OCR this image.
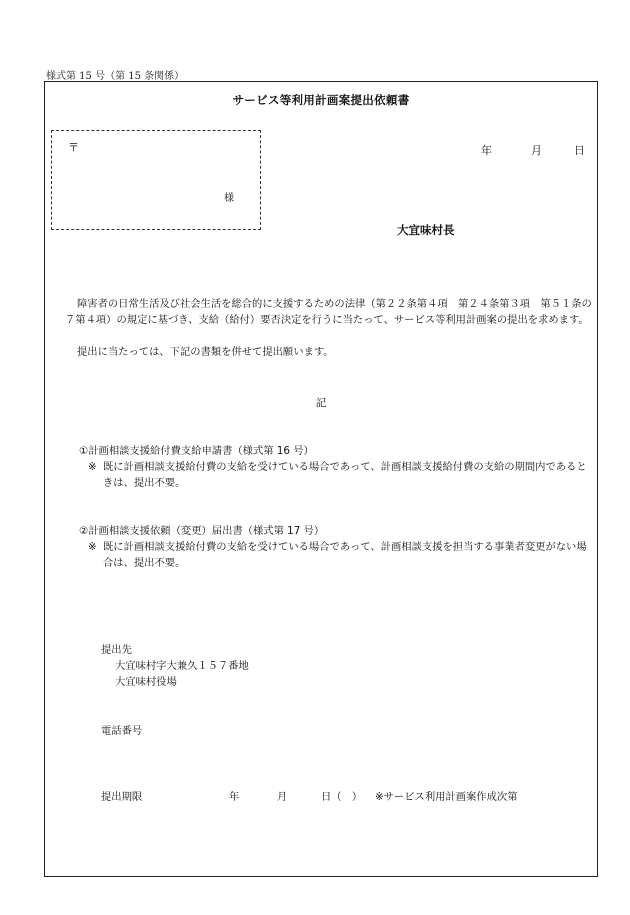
様式第 15 号（第 15 条関係）
サービス等利用計画案提出依頼書
〒
様
年	月	日
大宜味村長
障害者の日常生活及び社会生活を総合的に支援するための法律（第２２条第４項　第２４条第３項　第５１条の７第４項）の規定に基づき、支給（給付）要否決定を行うに当たって、サービス等利用計画案の提出を求めます。
提出に当たっては、下記の書類を併せて提出願います。
記
①計画相談支援給付費支給申請書（様式第 16 号）
※ 既に計画相談支援給付費の支給を受けている場合であって、計画相談支援給付費の支給の期間内であるときは、提出不要。
②計画相談支援依頼（変更）届出書（様式第 17 号）
※ 既に計画相談支援給付費の支給を受けている場合であって、計画相談支援を担当する事業者変更がない場合は、提出不要。
提出先
大宜味村字大兼久１５７番地
大宜味村役場
電話番号
提出期限	年	月	日（　） ※サービス利用計画案作成次第
